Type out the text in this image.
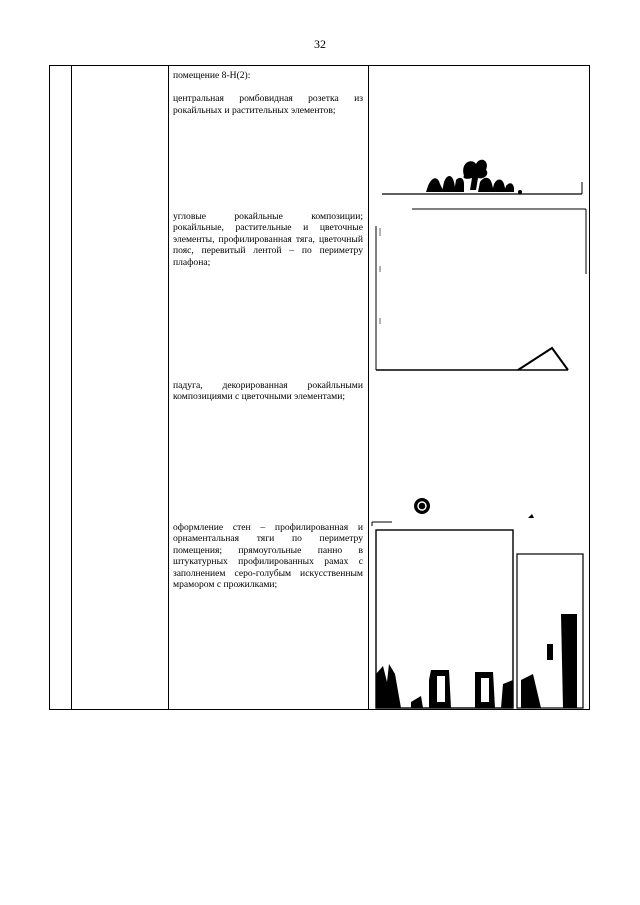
32

помещение 8-Н(2):

центральная ромбовидная розетка из рокайльных и растительных элементов;

угловые рокайльные композиции; рокайльные, растительные и цветочные элементы, профилированная тяга, цветочный пояс, перевитый лентой – по периметру плафона;

падуга, декорированная рокайльными композициями с цветочными элементами;

оформление стен – профилированная и орнаментальная тяги по периметру помещения; прямоугольные панно в штукатурных профилированных рамах с заполнением серо-голубым искусственным мрамором с прожилками;
